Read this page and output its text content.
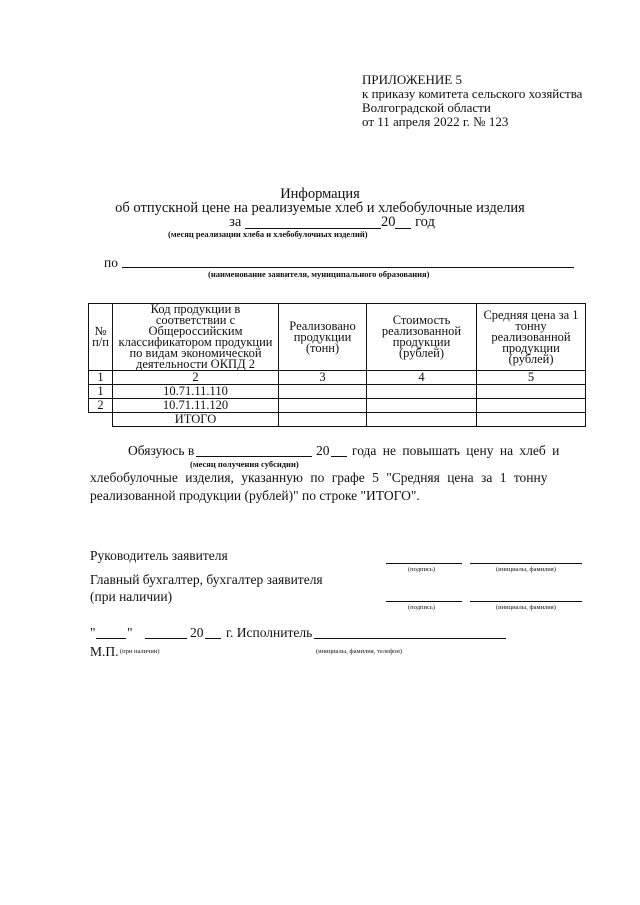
ПРИЛОЖЕНИЕ 5
к приказу комитета сельского хозяйства
Волгоградской области
от 11 апреля 2022 г. № 123
Информация
об отпускной цене на реализуемые хлеб и хлебобулочные изделия
за	20 год
(месяц реализации хлеба и хлебобулочных изделий)
по
(наименование заявителя, муниципального образования)
№ п/п	Код продукции в соответствии с Общероссийским классификатором продукции по видам экономической деятельности ОКПД 2	Реализовано продукции (тонн)	Стоимость реализованной продукции (рублей)	Средняя цена за 1 тонну реализованной продукции (рублей)
1	2	3	4	5
1	10.71.11.110			
2	10.71.11.120			
	ИТОГО			
Обязуюсь в	20 года не повышать цену на хлеб и
(месяц получения субсидии)
хлебобулочные изделия, указанную по графе 5 "Средняя цена за 1 тонну
реализованной продукции (рублей)" по строке "ИТОГО".
Руководитель заявителя
(подпись)	(инициалы, фамилия)
Главный бухгалтер, бухгалтер заявителя
(при наличии)
(подпись)	(инициалы, фамилия)
" "	20 г. Исполнитель
М.П. (при наличии)	(инициалы, фамилия, телефон)
